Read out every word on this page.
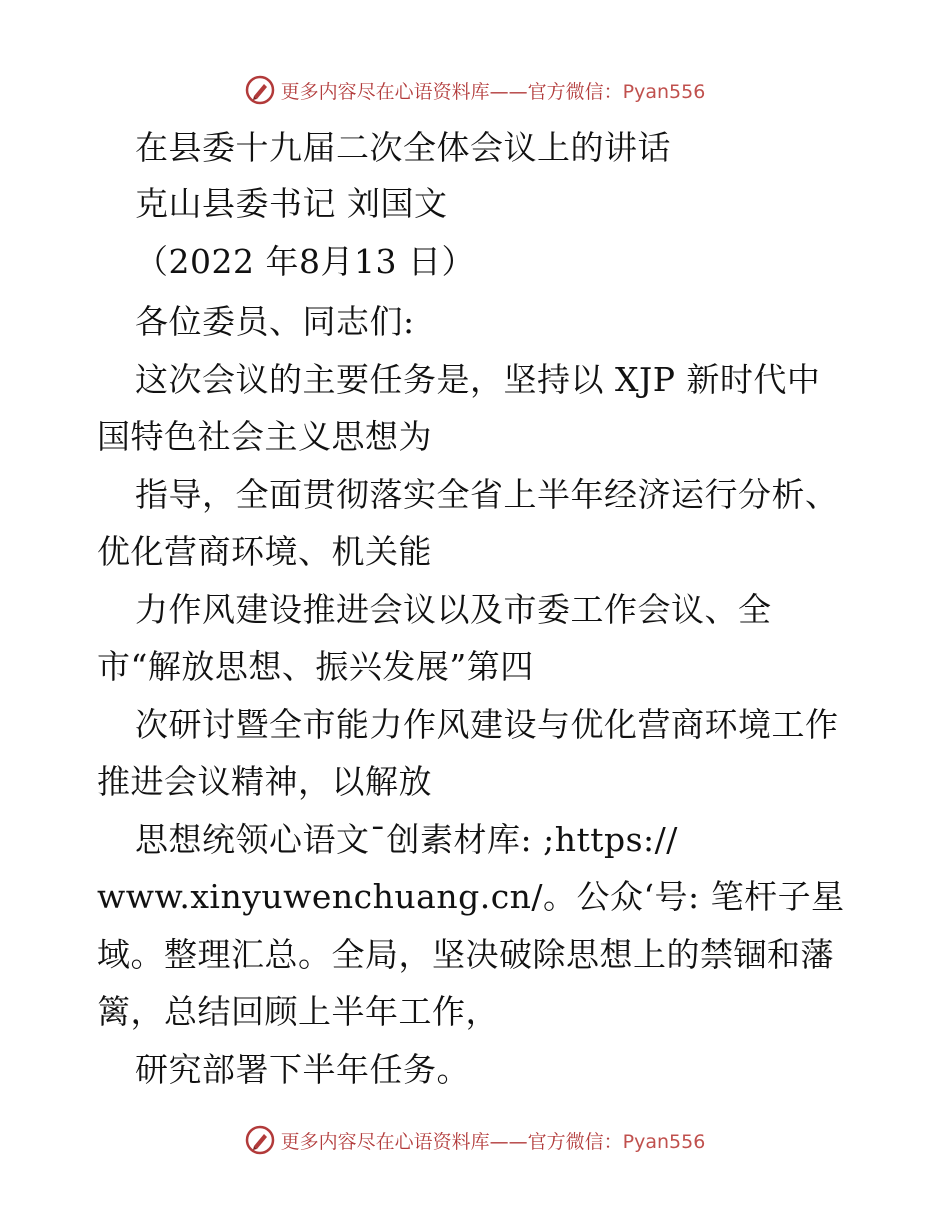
更多内容尽在心语资料库——官方微信：Pyan556
在县委十九届二次全体会议上的讲话
克山县委书记 刘国文
（2022 年8月13 日）
各位委员、同志们:
这次会议的主要任务是，坚持以 XJP 新时代中
国特色社会主义思想为
指导，全面贯彻落实全省上半年经济运行分析、
优化营商环境、机关能
力作风建设推进会议以及市委工作会议、全
市“解放思想、振兴发展”第四
次研讨暨全市能力作风建设与优化营商环境工作
推进会议精神，以解放
思想统领心语文¯创素材库: ;https://
www.xinyuwenchuang.cn/。公众‘号: 笔杆子星
域。整理汇总。全局，坚决破除思想上的禁锢和藩
篱，总结回顾上半年工作，
研究部署下半年任务。
更多内容尽在心语资料库——官方微信：Pyan556
